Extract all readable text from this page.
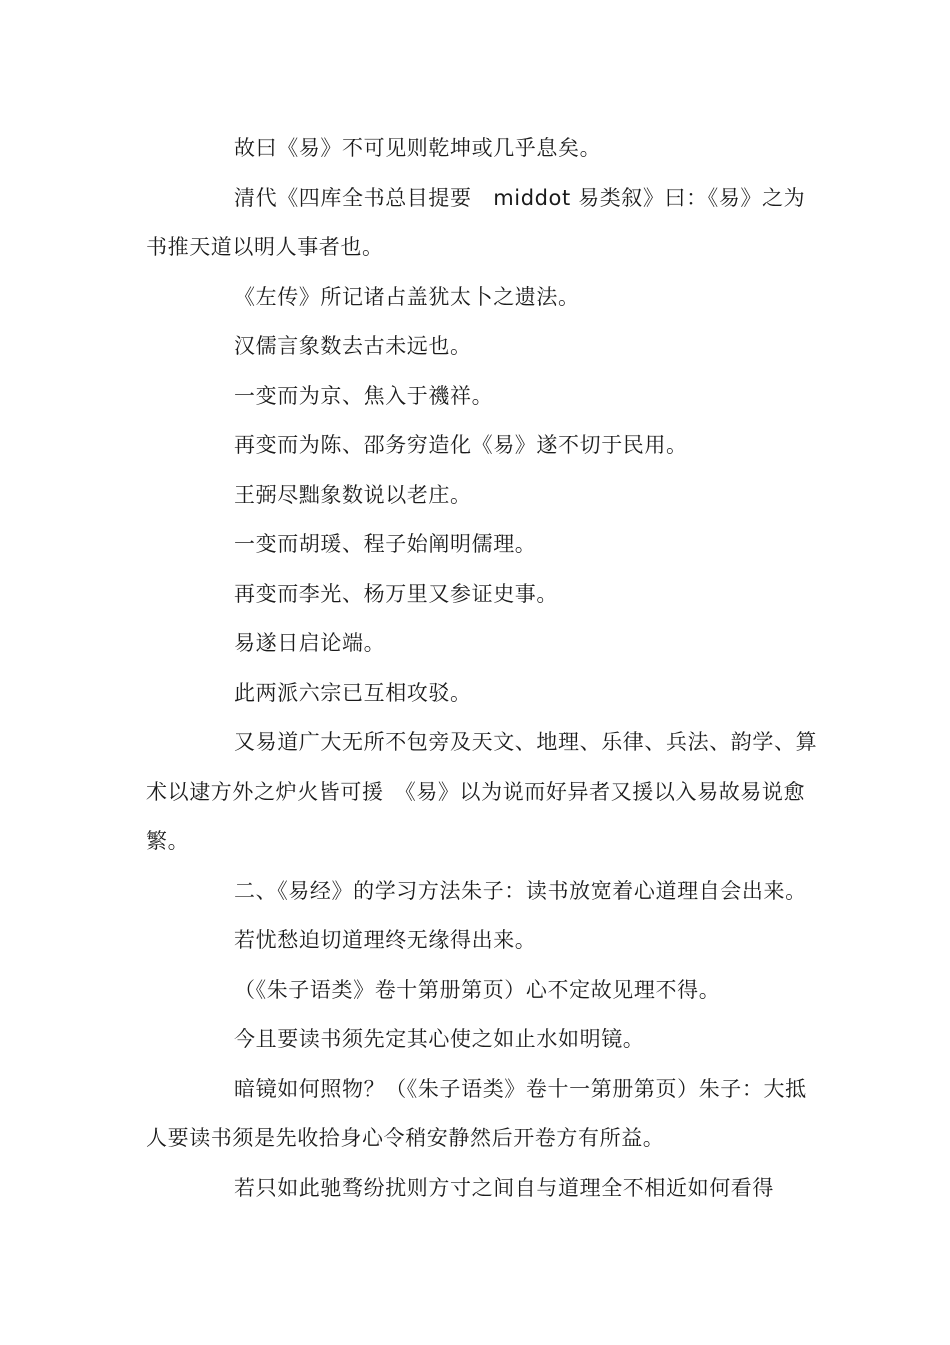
故曰《易》不可见则乾坤或几乎息矣。

清代《四库全书总目提要　middot 易类叙》曰：《易》之为书推天道以明人事者也。

《左传》所记诸占盖犹太卜之遗法。

汉儒言象数去古未远也。

一变而为京、焦入于禨祥。

再变而为陈、邵务穷造化《易》遂不切于民用。

王弼尽黜象数说以老庄。

一变而胡瑗、程子始阐明儒理。

再变而李光、杨万里又参证史事。

易遂日启论端。

此两派六宗已互相攻驳。

又易道广大无所不包旁及天文、地理、乐律、兵法、韵学、算术以逮方外之炉火皆可援　《易》以为说而好异者又援以入易故易说愈繁。

二、《易经》的学习方法朱子：读书放宽着心道理自会出来。

若忧愁迫切道理终无缘得出来。

（《朱子语类》卷十第册第页）心不定故见理不得。

今且要读书须先定其心使之如止水如明镜。

暗镜如何照物？（《朱子语类》卷十一第册第页）朱子：大抵人要读书须是先收拾身心令稍安静然后开卷方有所益。

若只如此驰骛纷扰则方寸之间自与道理全不相近如何看得
